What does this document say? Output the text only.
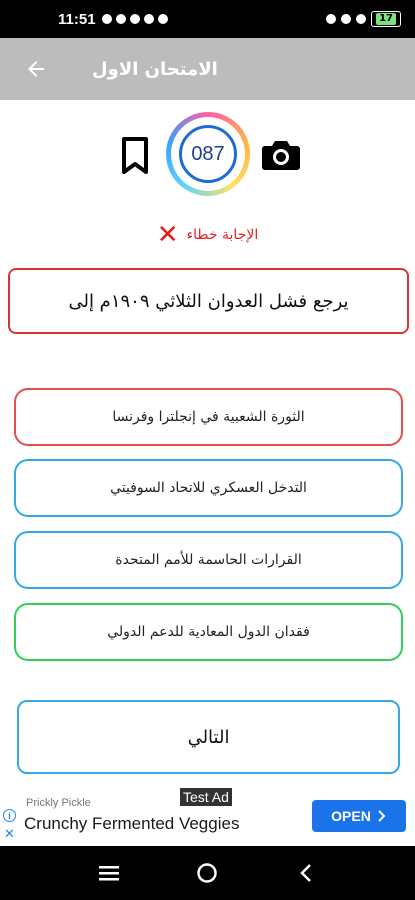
11:51	17
الامتحان الاول
087
الإجابة خطاء
✕
يرجع فشل العدوان الثلاثي ١٩٠٩م إلى
الثورة الشعبية في إنجلترا وفرنسا
التدخل العسكري للاتحاد السوفيتي
القرارات الحاسمة للأمم المتحدة
فقدان الدول المعادية للدعم الدولي
التالي
Test Ad
Prickly Pickle
Crunchy Fermented Veggies
i
✕
OPEN
